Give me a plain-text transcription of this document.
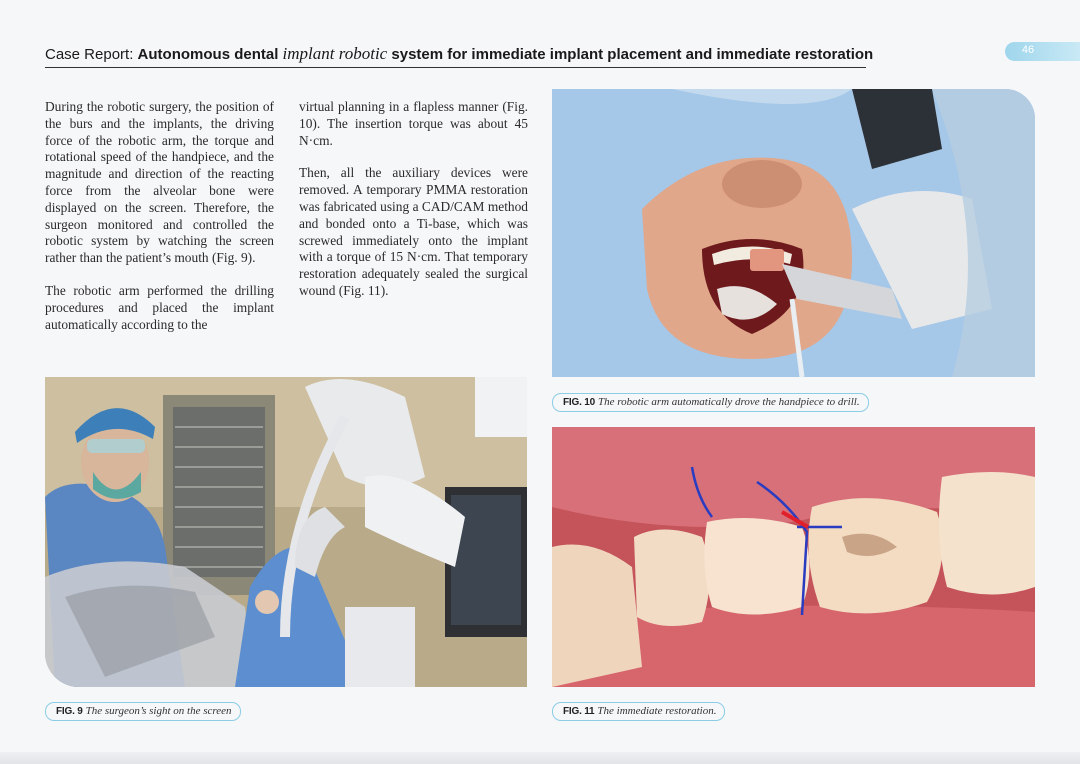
Case Report: Autonomous dental implant robotic system for immediate implant placement and immediate restoration	46

During the robotic surgery, the position of the burs and the implants, the driving force of the robotic arm, the torque and rotational speed of the handpiece, and the magnitude and direction of the reacting force from the alveolar bone were displayed on the screen. Therefore, the surgeon monitored and controlled the robotic system by watching the screen rather than the patient’s mouth (Fig. 9).

The robotic arm performed the drilling procedures and placed the implant automatically according to the

virtual planning in a flapless manner (Fig. 10). The insertion torque was about 45 N·cm.

Then, all the auxiliary devices were removed. A temporary PMMA restoration was fabricated using a CAD/CAM method and bonded onto a Ti-base, which was screwed immediately onto the implant with a torque of 15 N·cm. That temporary restoration adequately sealed the surgical wound (Fig. 11).

FIG. 9 The surgeon’s sight on the screen
FIG. 10 The robotic arm automatically drove the handpiece to drill.
FIG. 11 The immediate restoration.
